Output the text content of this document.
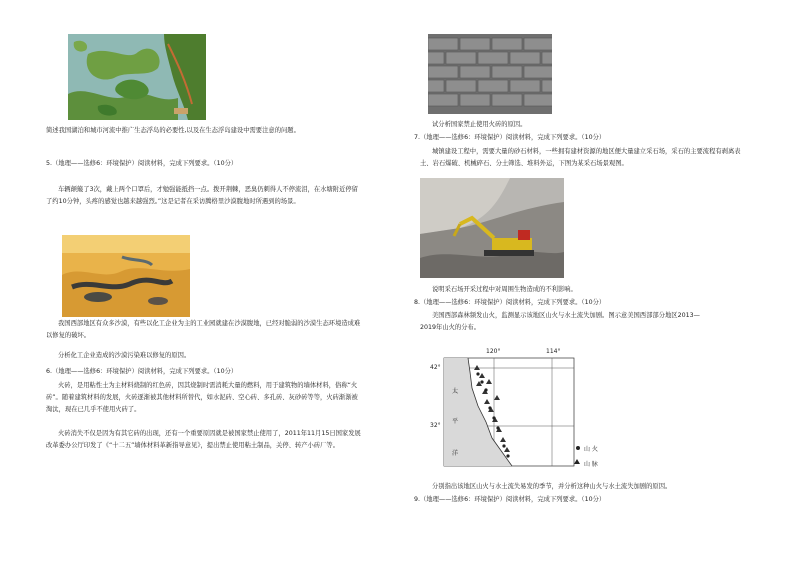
简述我国湖泊和城市河流中推广生态浮岛的必要性,以及在生态浮岛建设中需要注意的问题。
5.（地理——选修6：环境保护）阅读材料，完成下列要求。（10分）
车辆颠簸了3次，戴上两个口罩后，才勉强能抵挡一点。拨开荆棘，恶臭仍刺得人不停流泪，在水塘附近停留了约10分钟，头疼的感觉也越来越强烈。”这是记者在采访腾格里沙漠腹地时所遇到的场景。
我国西部地区有众多沙漠，有些以化工企业为主的工业园就建在沙漠腹地，已经对脆弱的沙漠生态环境造成难以修复的破坏。
分析化工企业造成的沙漠污染难以修复的原因。
6.（地理——选修6：环境保护）阅读材料，完成下列要求。（10分）
火砖，是用粘性土为主材料烧制的红色砖，因其烧制时需消耗大量的燃料，用于建筑物的墙体材料，俗称“火砖”。随着建筑材料的发展，火砖逐渐被其他材料所替代，如水泥砖、空心砖、多孔砖、灰砂砖等等，火砖渐渐被淘汰，现在已几乎不使用火砖了。
火砖消失不仅是因为有其它砖的出现，还有一个重要原因就是被国家禁止使用了，2011年11月15日国家发展改革委办公厅印发了《“十二五”墙体材料革新指导意见》，提出禁止使用粘土制品，关停、转产小砖厂等。
试分析国家禁止使用火砖的原因。
7.（地理——选修6：环境保护）阅读材料，完成下列要求。（10分）
城镇建设工程中，需要大量的砂石材料，一些拥有建材资源的地区便大量建立采石场，采石的主要流程有剥离表土、岩石爆破、机械碎石、分土筛选、堆料外运，下图为某采石场景观图。
说明采石场开采过程中对周围生物造成的不利影响。
8.（地理——选修6：环境保护）阅读材料，完成下列要求。（10分）
美国西部森林频发山火，监测显示该地区山火与水土流失加剧。图示意美国西部部分地区2013—2019年山火的分布。
120°	114°
42°
32°
太
平
洋
山 火
山 脉
分别指出该地区山火与水土流失易发的季节，并分析这种山火与水土流失加剧的原因。
9.（地理——选修6：环境保护）阅读材料，完成下列要求。（10分）
